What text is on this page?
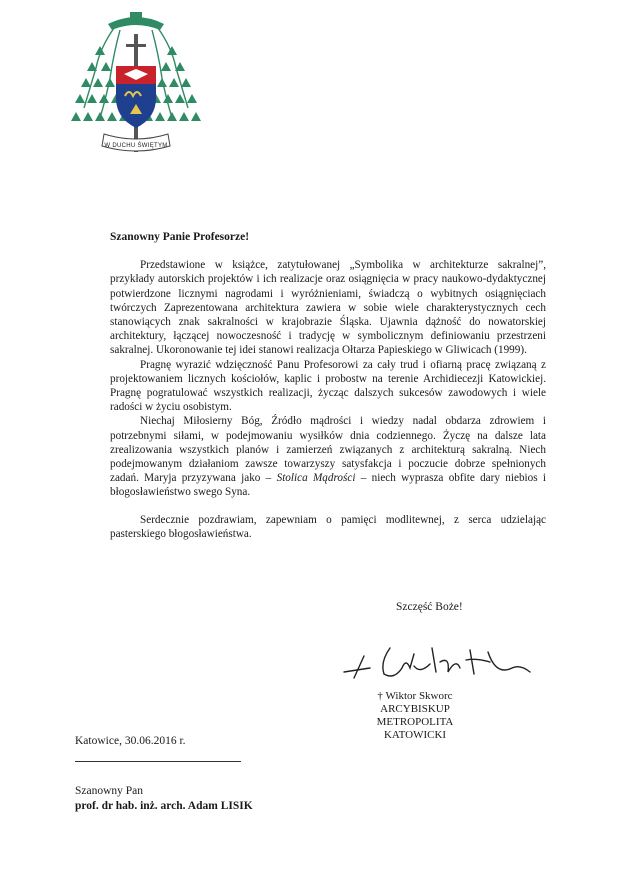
W DUCHU ŚWIĘTYM

Szanowny Panie Profesorze!

Przedstawione w książce, zatytułowanej „Symbolika w architekturze sakralnej”, przykłady autorskich projektów i ich realizacje oraz osiągnięcia w pracy naukowo-dydaktycznej potwierdzone licznymi nagrodami i wyróżnieniami, świadczą o wybitnych osiągnięciach twórczych Zaprezentowana architektura zawiera w sobie wiele charakterystycznych cech stanowiących znak sakralności w krajobrazie Śląska. Ujawnia dążność do nowatorskiej architektury, łączącej nowoczesność i tradycję w symbolicznym definiowaniu przestrzeni sakralnej. Ukoronowanie tej idei stanowi realizacja Ołtarza Papieskiego w Gliwicach (1999).

Pragnę wyrazić wdzięczność Panu Profesorowi za cały trud i ofiarną pracę związaną z projektowaniem licznych kościołów, kaplic i probostw na terenie Archidiecezji Katowickiej. Pragnę pogratulować wszystkich realizacji, życząc dalszych sukcesów zawodowych i wiele radości w życiu osobistym.

Niechaj Miłosierny Bóg, Źródło mądrości i wiedzy nadal obdarza zdrowiem i potrzebnymi siłami, w podejmowaniu wysiłków dnia codziennego. Życzę na dalsze lata zrealizowania wszystkich planów i zamierzeń związanych z architekturą sakralną. Niech podejmowanym działaniom zawsze towarzyszy satysfakcja i poczucie dobrze spełnionych zadań. Maryja przyzywana jako – Stolica Mądrości – niech wyprasza obfite dary niebios i błogosławieństwo swego Syna.

Serdecznie pozdrawiam, zapewniam o pamięci modlitewnej, z serca udzielając pasterskiego błogosławieństwa.

Szczęść Boże!
† Wiktor Skworc
ARCYBISKUP METROPOLITA
KATOWICKI
Katowice, 30.06.2016 r.
Szanowny Pan
prof. dr hab. inż. arch. Adam LISIK
